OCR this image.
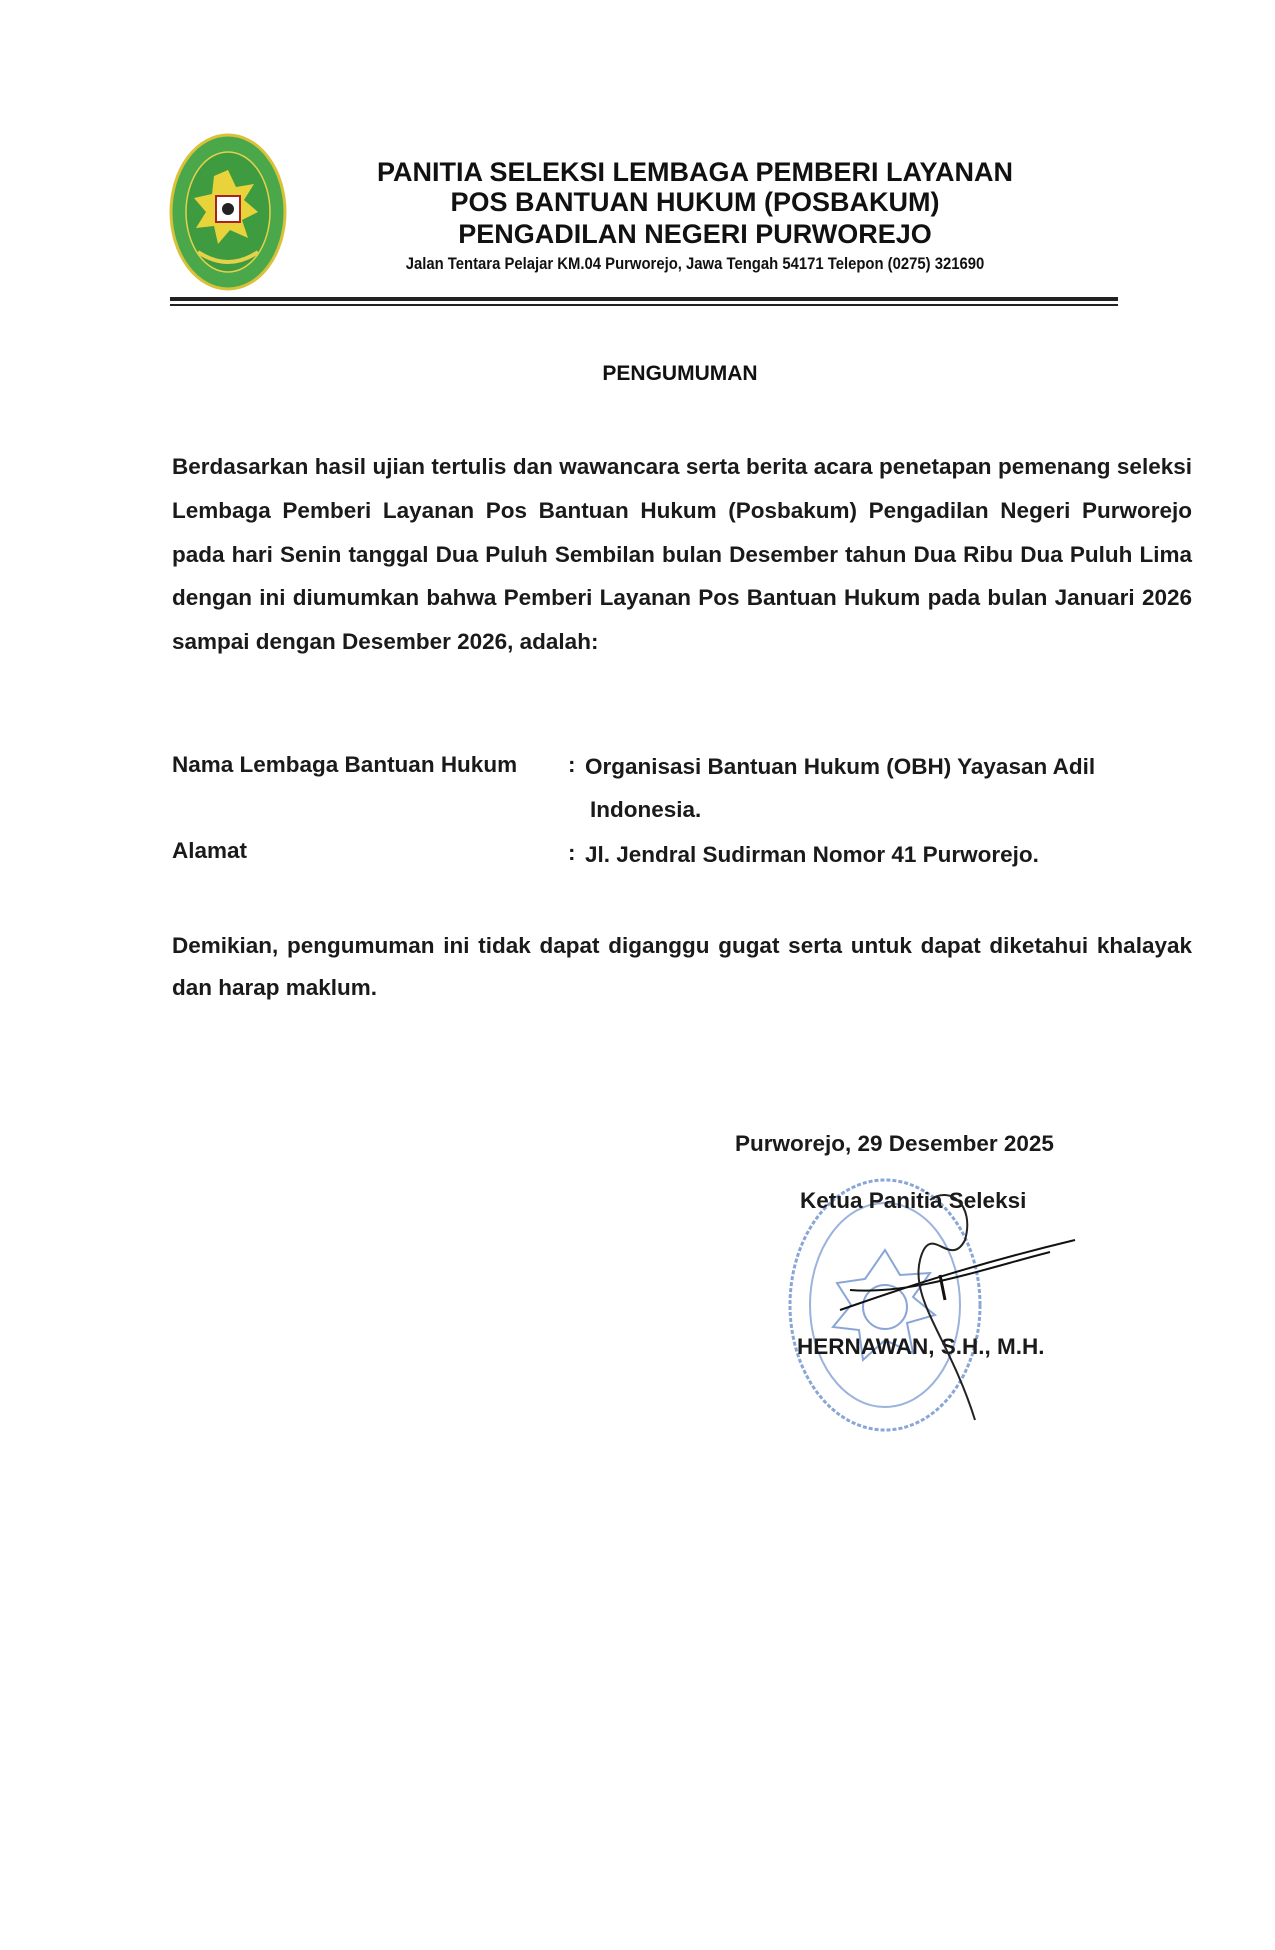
PANITIA SELEKSI LEMBAGA PEMBERI LAYANAN
POS BANTUAN HUKUM (POSBAKUM)
PENGADILAN NEGERI PURWOREJO
Jalan Tentara Pelajar KM.04 Purworejo, Jawa Tengah 54171 Telepon (0275) 321690
PENGUMUMAN
Berdasarkan hasil ujian tertulis dan wawancara serta berita acara penetapan pemenang seleksi Lembaga Pemberi Layanan Pos Bantuan Hukum (Posbakum) Pengadilan Negeri Purworejo pada hari Senin tanggal Dua Puluh Sembilan bulan Desember tahun Dua Ribu Dua Puluh Lima dengan ini diumumkan bahwa Pemberi Layanan Pos Bantuan Hukum pada bulan Januari 2026 sampai dengan Desember 2026, adalah:
Nama Lembaga Bantuan Hukum : Organisasi Bantuan Hukum (OBH) Yayasan Adil
Indonesia.
Alamat	: Jl. Jendral Sudirman Nomor 41 Purworejo.
Demikian, pengumuman ini tidak dapat diganggu gugat serta untuk dapat diketahui khalayak dan harap maklum.
Purworejo, 29 Desember 2025
Ketua Panitia Seleksi
HERNAWAN, S.H., M.H.
